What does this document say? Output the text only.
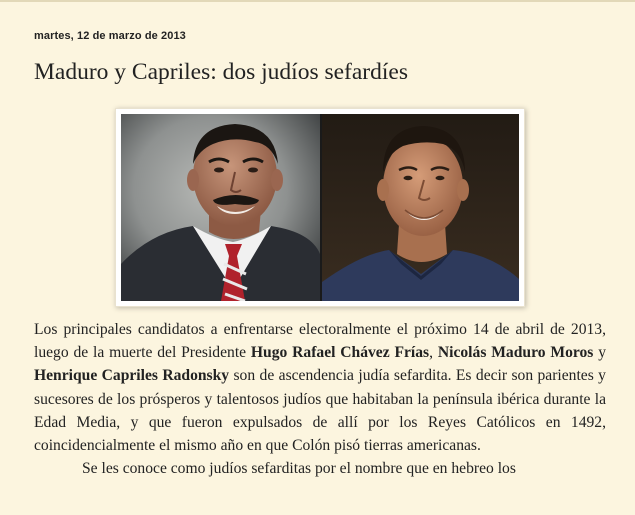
martes, 12 de marzo de 2013
Maduro y Capriles: dos judíos sefardíes

Los principales candidatos a enfrentarse electoralmente el próximo 14 de abril de 2013, luego de la muerte del Presidente Hugo Rafael Chávez Frías, Nicolás Maduro Moros y Henrique Capriles Radonsky son de ascendencia judía sefardita. Es decir son parientes y sucesores de los prósperos y talentosos judíos que habitaban la península ibérica durante la Edad Media, y que fueron expulsados de allí por los Reyes Católicos en 1492, coincidencialmente el mismo año en que Colón pisó tierras americanas.

Se les conoce como judíos sefarditas por el nombre que en hebreo los
